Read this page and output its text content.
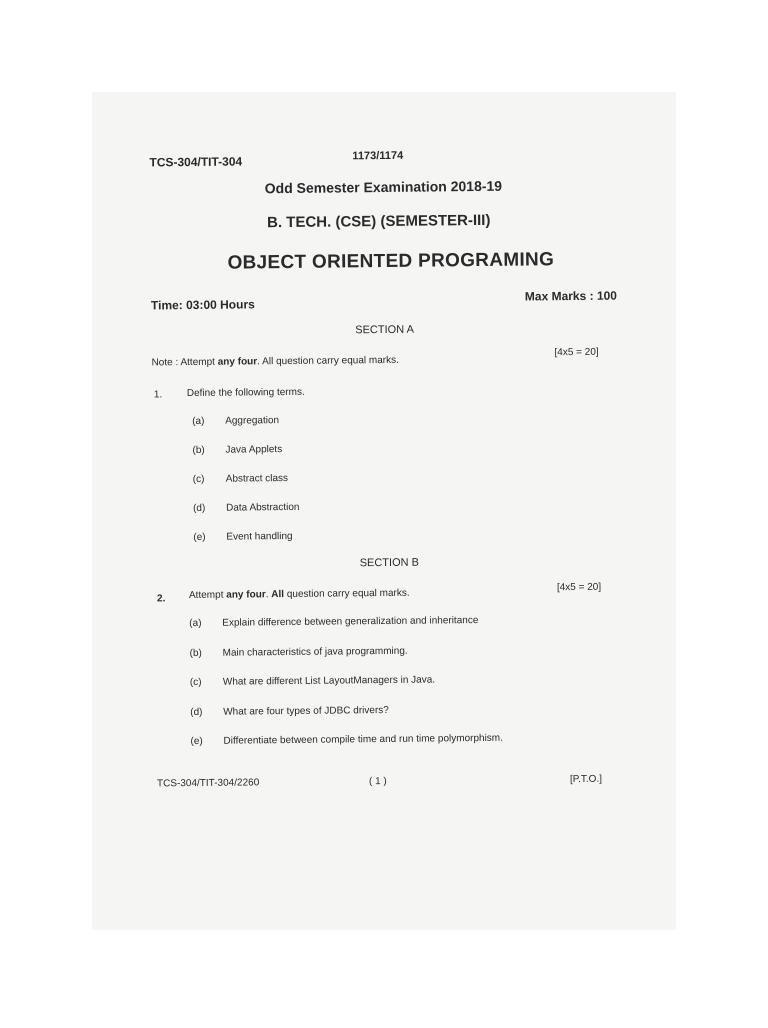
TCS-304/TIT-304	1173/1174
Odd Semester Examination 2018-19
B. TECH. (CSE) (SEMESTER-III)
OBJECT ORIENTED PROGRAMING
Time: 03:00 Hours
Max Marks : 100
SECTION A
Note : Attempt any four. All question carry equal marks.
[4x5 = 20]
1. Define the following terms.
(a) Aggregation
(b) Java Applets
(c) Abstract class
(d) Data Abstraction
(e) Event handling
SECTION B
2. Attempt any four. All question carry equal marks.
[4x5 = 20]
(a) Explain difference between generalization and inheritance
(b) Main characteristics of java programming.
(c) What are different List LayoutManagers in Java.
(d) What are four types of JDBC drivers?
(e) Differentiate between compile time and run time polymorphism.
TCS-304/TIT-304/2260	( 1 )	[P.T.O.]
